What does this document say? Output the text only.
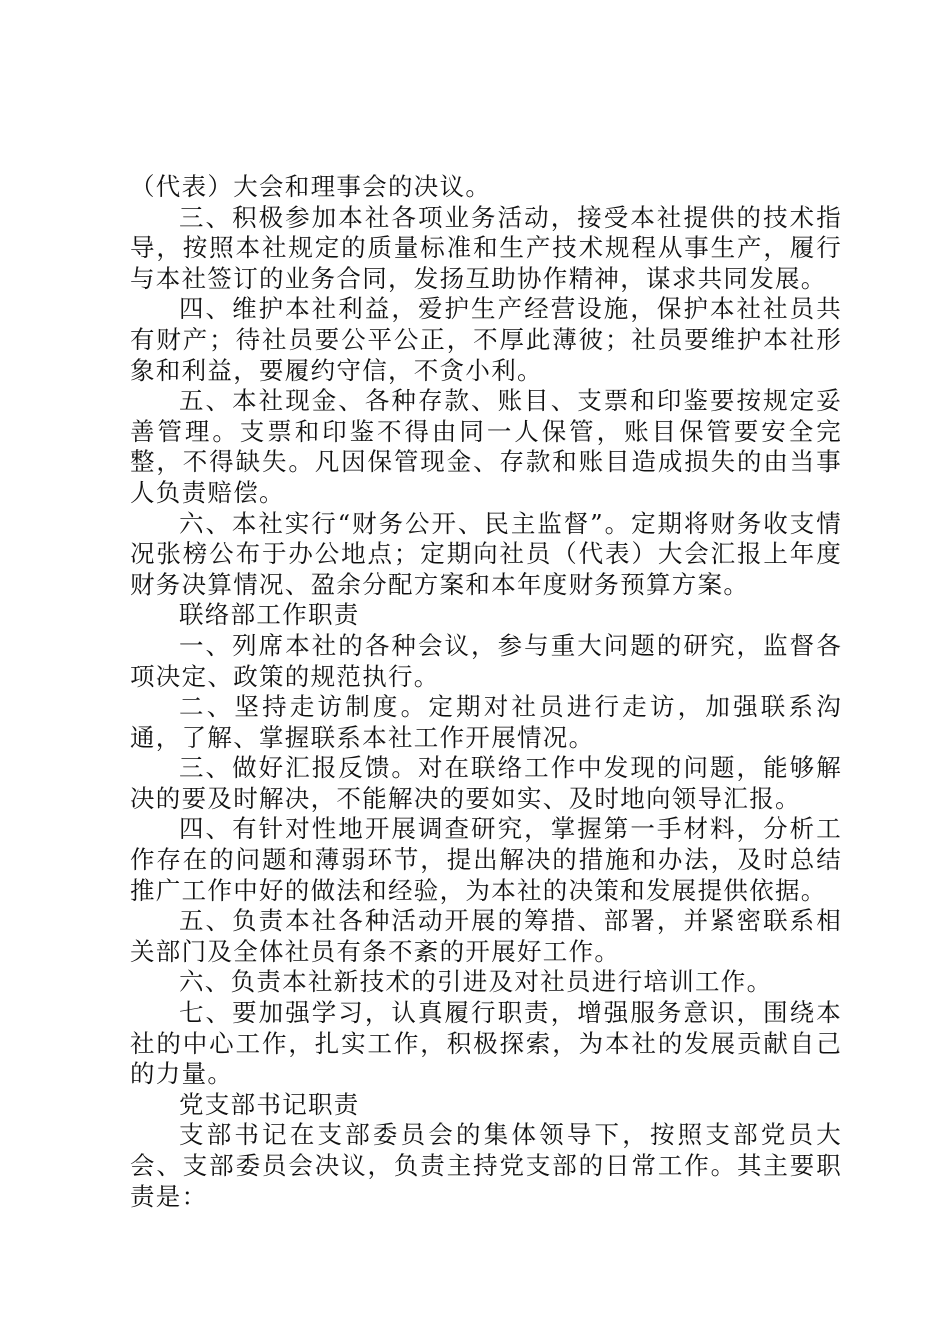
（代表）大会和理事会的决议。

三、积极参加本社各项业务活动，接受本社提供的技术指导，按照本社规定的质量标准和生产技术规程从事生产，履行与本社签订的业务合同，发扬互助协作精神，谋求共同发展。

四、维护本社利益，爱护生产经营设施，保护本社社员共有财产；待社员要公平公正，不厚此薄彼；社员要维护本社形象和利益，要履约守信，不贪小利。

五、本社现金、各种存款、账目、支票和印鉴要按规定妥善管理。支票和印鉴不得由同一人保管，账目保管要安全完整，不得缺失。凡因保管现金、存款和账目造成损失的由当事人负责赔偿。

六、本社实行“财务公开、民主监督”。定期将财务收支情况张榜公布于办公地点；定期向社员（代表）大会汇报上年度财务决算情况、盈余分配方案和本年度财务预算方案。

联络部工作职责

一、列席本社的各种会议，参与重大问题的研究，监督各项决定、政策的规范执行。

二、坚持走访制度。定期对社员进行走访，加强联系沟通，了解、掌握联系本社工作开展情况。

三、做好汇报反馈。对在联络工作中发现的问题，能够解决的要及时解决，不能解决的要如实、及时地向领导汇报。

四、有针对性地开展调查研究，掌握第一手材料，分析工作存在的问题和薄弱环节，提出解决的措施和办法，及时总结推广工作中好的做法和经验，为本社的决策和发展提供依据。

五、负责本社各种活动开展的筹措、部署，并紧密联系相关部门及全体社员有条不紊的开展好工作。

六、负责本社新技术的引进及对社员进行培训工作。

七、要加强学习，认真履行职责，增强服务意识，围绕本社的中心工作，扎实工作，积极探索，为本社的发展贡献自己的力量。

党支部书记职责

支部书记在支部委员会的集体领导下，按照支部党员大会、支部委员会决议，负责主持党支部的日常工作。其主要职责是：
